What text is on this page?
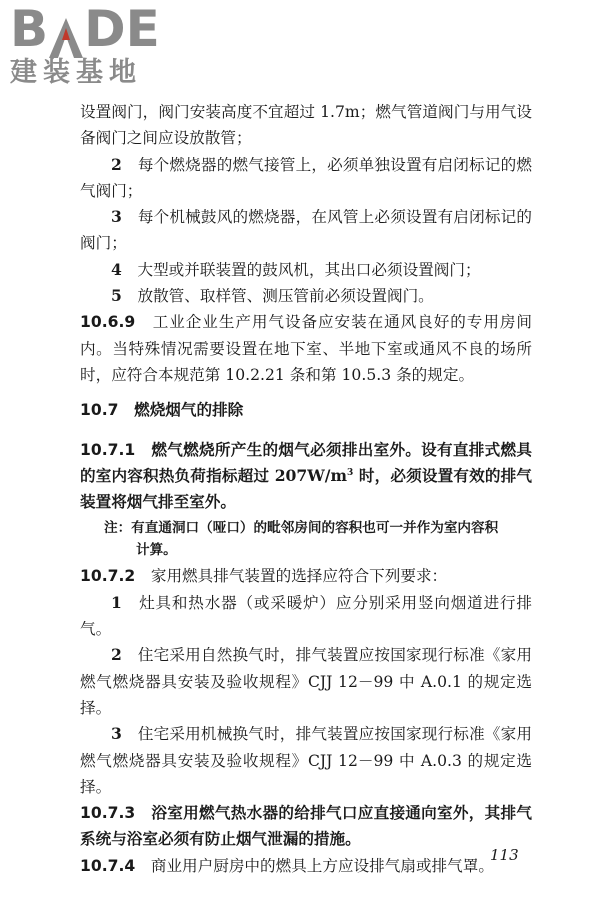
B DE
建装基地

设置阀门，阀门安装高度不宜超过 1.7m；燃气管道阀门与用气设备阀门之间应设放散管；

2　 每个燃烧器的燃气接管上，必须单独设置有启闭标记的燃气阀门；

3　 每个机械鼓风的燃烧器，在风管上必须设置有启闭标记的阀门；

4　 大型或并联装置的鼓风机，其出口必须设置阀门；

5　 放散管、取样管、测压管前必须设置阀门。

10.6.9　 工业企业生产用气设备应安装在通风良好的专用房间内。当特殊情况需要设置在地下室、半地下室或通风不良的场所时，应符合本规范第 10.2.21 条和第 10.5.3 条的规定。

10.7　 燃烧烟气的排除

10.7.1　 燃气燃烧所产生的烟气必须排出室外。设有直排式燃具的室内容积热负荷指标超过 $207W/m^3$ 时，必须设置有效的排气装置将烟气排至室外。

注：有直通洞口（哑口）的毗邻房间的容积也可一并作为室内容积
计算。

10.7.2　 家用燃具排气装置的选择应符合下列要求：

1　 灶具和热水器（或采暖炉）应分别采用竖向烟道进行排气。

2　 住宅采用自然换气时，排气装置应按国家现行标准《家用燃气燃烧器具安装及验收规程》CJJ 12－99 中 A.0.1 的规定选择。

3　 住宅采用机械换气时，排气装置应按国家现行标准《家用燃气燃烧器具安装及验收规程》CJJ 12－99 中 A.0.3 的规定选择。

10.7.3　 浴室用燃气热水器的给排气口应直接通向室外，其排气系统与浴室必须有防止烟气泄漏的措施。

10.7.4　 商业用户厨房中的燃具上方应设排气扇或排气罩。

113
